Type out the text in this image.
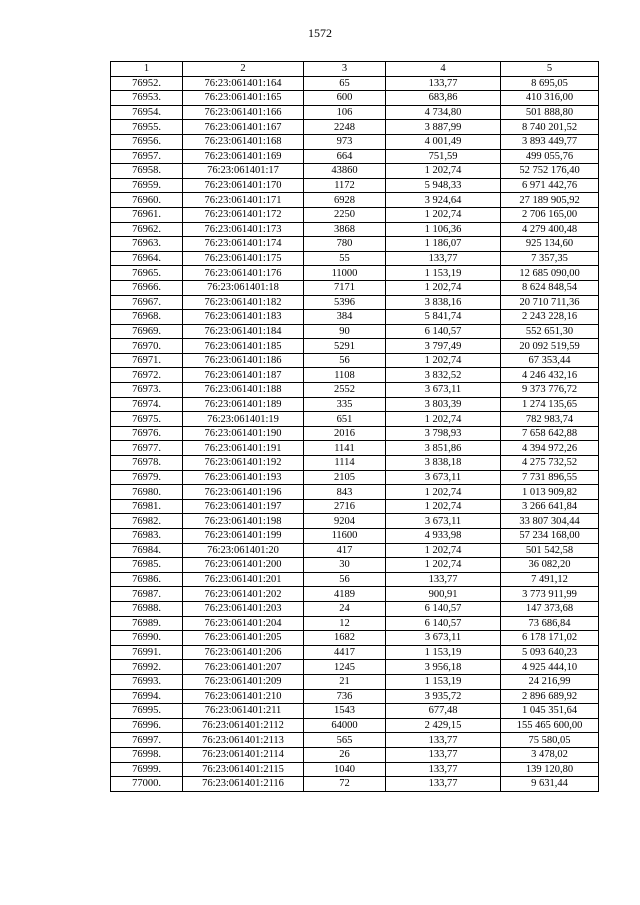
1572
1	2	3	4	5
76952.	76:23:061401:164	65	133,77	8 695,05
76953.	76:23:061401:165	600	683,86	410 316,00
76954.	76:23:061401:166	106	4 734,80	501 888,80
76955.	76:23:061401:167	2248	3 887,99	8 740 201,52
76956.	76:23:061401:168	973	4 001,49	3 893 449,77
76957.	76:23:061401:169	664	751,59	499 055,76
76958.	76:23:061401:17	43860	1 202,74	52 752 176,40
76959.	76:23:061401:170	1172	5 948,33	6 971 442,76
76960.	76:23:061401:171	6928	3 924,64	27 189 905,92
76961.	76:23:061401:172	2250	1 202,74	2 706 165,00
76962.	76:23:061401:173	3868	1 106,36	4 279 400,48
76963.	76:23:061401:174	780	1 186,07	925 134,60
76964.	76:23:061401:175	55	133,77	7 357,35
76965.	76:23:061401:176	11000	1 153,19	12 685 090,00
76966.	76:23:061401:18	7171	1 202,74	8 624 848,54
76967.	76:23:061401:182	5396	3 838,16	20 710 711,36
76968.	76:23:061401:183	384	5 841,74	2 243 228,16
76969.	76:23:061401:184	90	6 140,57	552 651,30
76970.	76:23:061401:185	5291	3 797,49	20 092 519,59
76971.	76:23:061401:186	56	1 202,74	67 353,44
76972.	76:23:061401:187	1108	3 832,52	4 246 432,16
76973.	76:23:061401:188	2552	3 673,11	9 373 776,72
76974.	76:23:061401:189	335	3 803,39	1 274 135,65
76975.	76:23:061401:19	651	1 202,74	782 983,74
76976.	76:23:061401:190	2016	3 798,93	7 658 642,88
76977.	76:23:061401:191	1141	3 851,86	4 394 972,26
76978.	76:23:061401:192	1114	3 838,18	4 275 732,52
76979.	76:23:061401:193	2105	3 673,11	7 731 896,55
76980.	76:23:061401:196	843	1 202,74	1 013 909,82
76981.	76:23:061401:197	2716	1 202,74	3 266 641,84
76982.	76:23:061401:198	9204	3 673,11	33 807 304,44
76983.	76:23:061401:199	11600	4 933,98	57 234 168,00
76984.	76:23:061401:20	417	1 202,74	501 542,58
76985.	76:23:061401:200	30	1 202,74	36 082,20
76986.	76:23:061401:201	56	133,77	7 491,12
76987.	76:23:061401:202	4189	900,91	3 773 911,99
76988.	76:23:061401:203	24	6 140,57	147 373,68
76989.	76:23:061401:204	12	6 140,57	73 686,84
76990.	76:23:061401:205	1682	3 673,11	6 178 171,02
76991.	76:23:061401:206	4417	1 153,19	5 093 640,23
76992.	76:23:061401:207	1245	3 956,18	4 925 444,10
76993.	76:23:061401:209	21	1 153,19	24 216,99
76994.	76:23:061401:210	736	3 935,72	2 896 689,92
76995.	76:23:061401:211	1543	677,48	1 045 351,64
76996.	76:23:061401:2112	64000	2 429,15	155 465 600,00
76997.	76:23:061401:2113	565	133,77	75 580,05
76998.	76:23:061401:2114	26	133,77	3 478,02
76999.	76:23:061401:2115	1040	133,77	139 120,80
77000.	76:23:061401:2116	72	133,77	9 631,44
